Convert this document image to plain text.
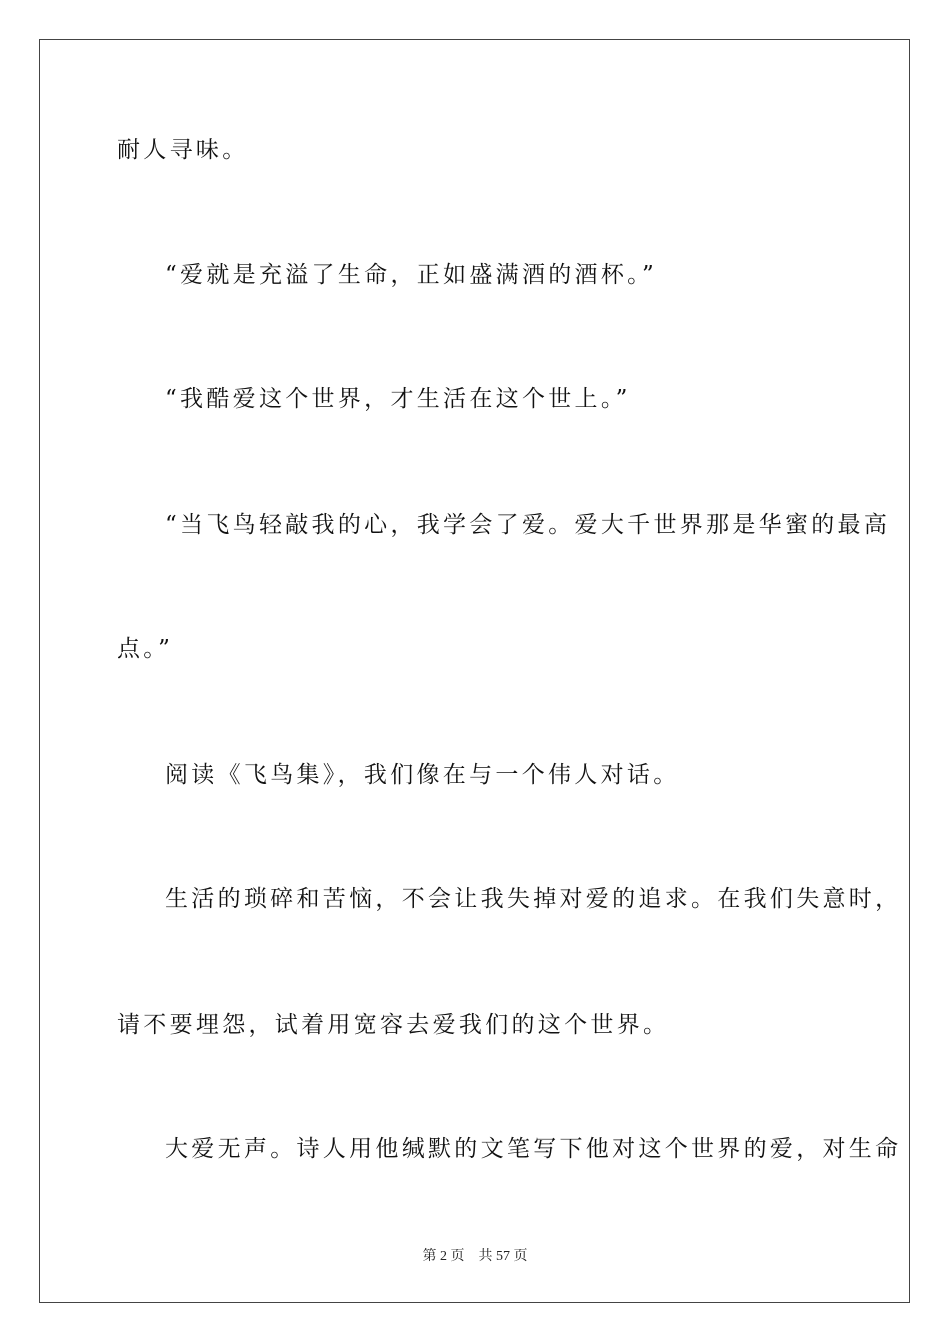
耐人寻味。
“爱就是充溢了生命，正如盛满酒的酒杯。”
“我酷爱这个世界，才生活在这个世上。”
“当飞鸟轻敲我的心，我学会了爱。爱大千世界那是华蜜的最高
点。”
阅读《飞鸟集》，我们像在与一个伟人对话。
生活的琐碎和苦恼，不会让我失掉对爱的追求。在我们失意时，
请不要埋怨，试着用宽容去爱我们的这个世界。
大爱无声。诗人用他缄默的文笔写下他对这个世界的爱，对生命
第 2 页 共 57 页
